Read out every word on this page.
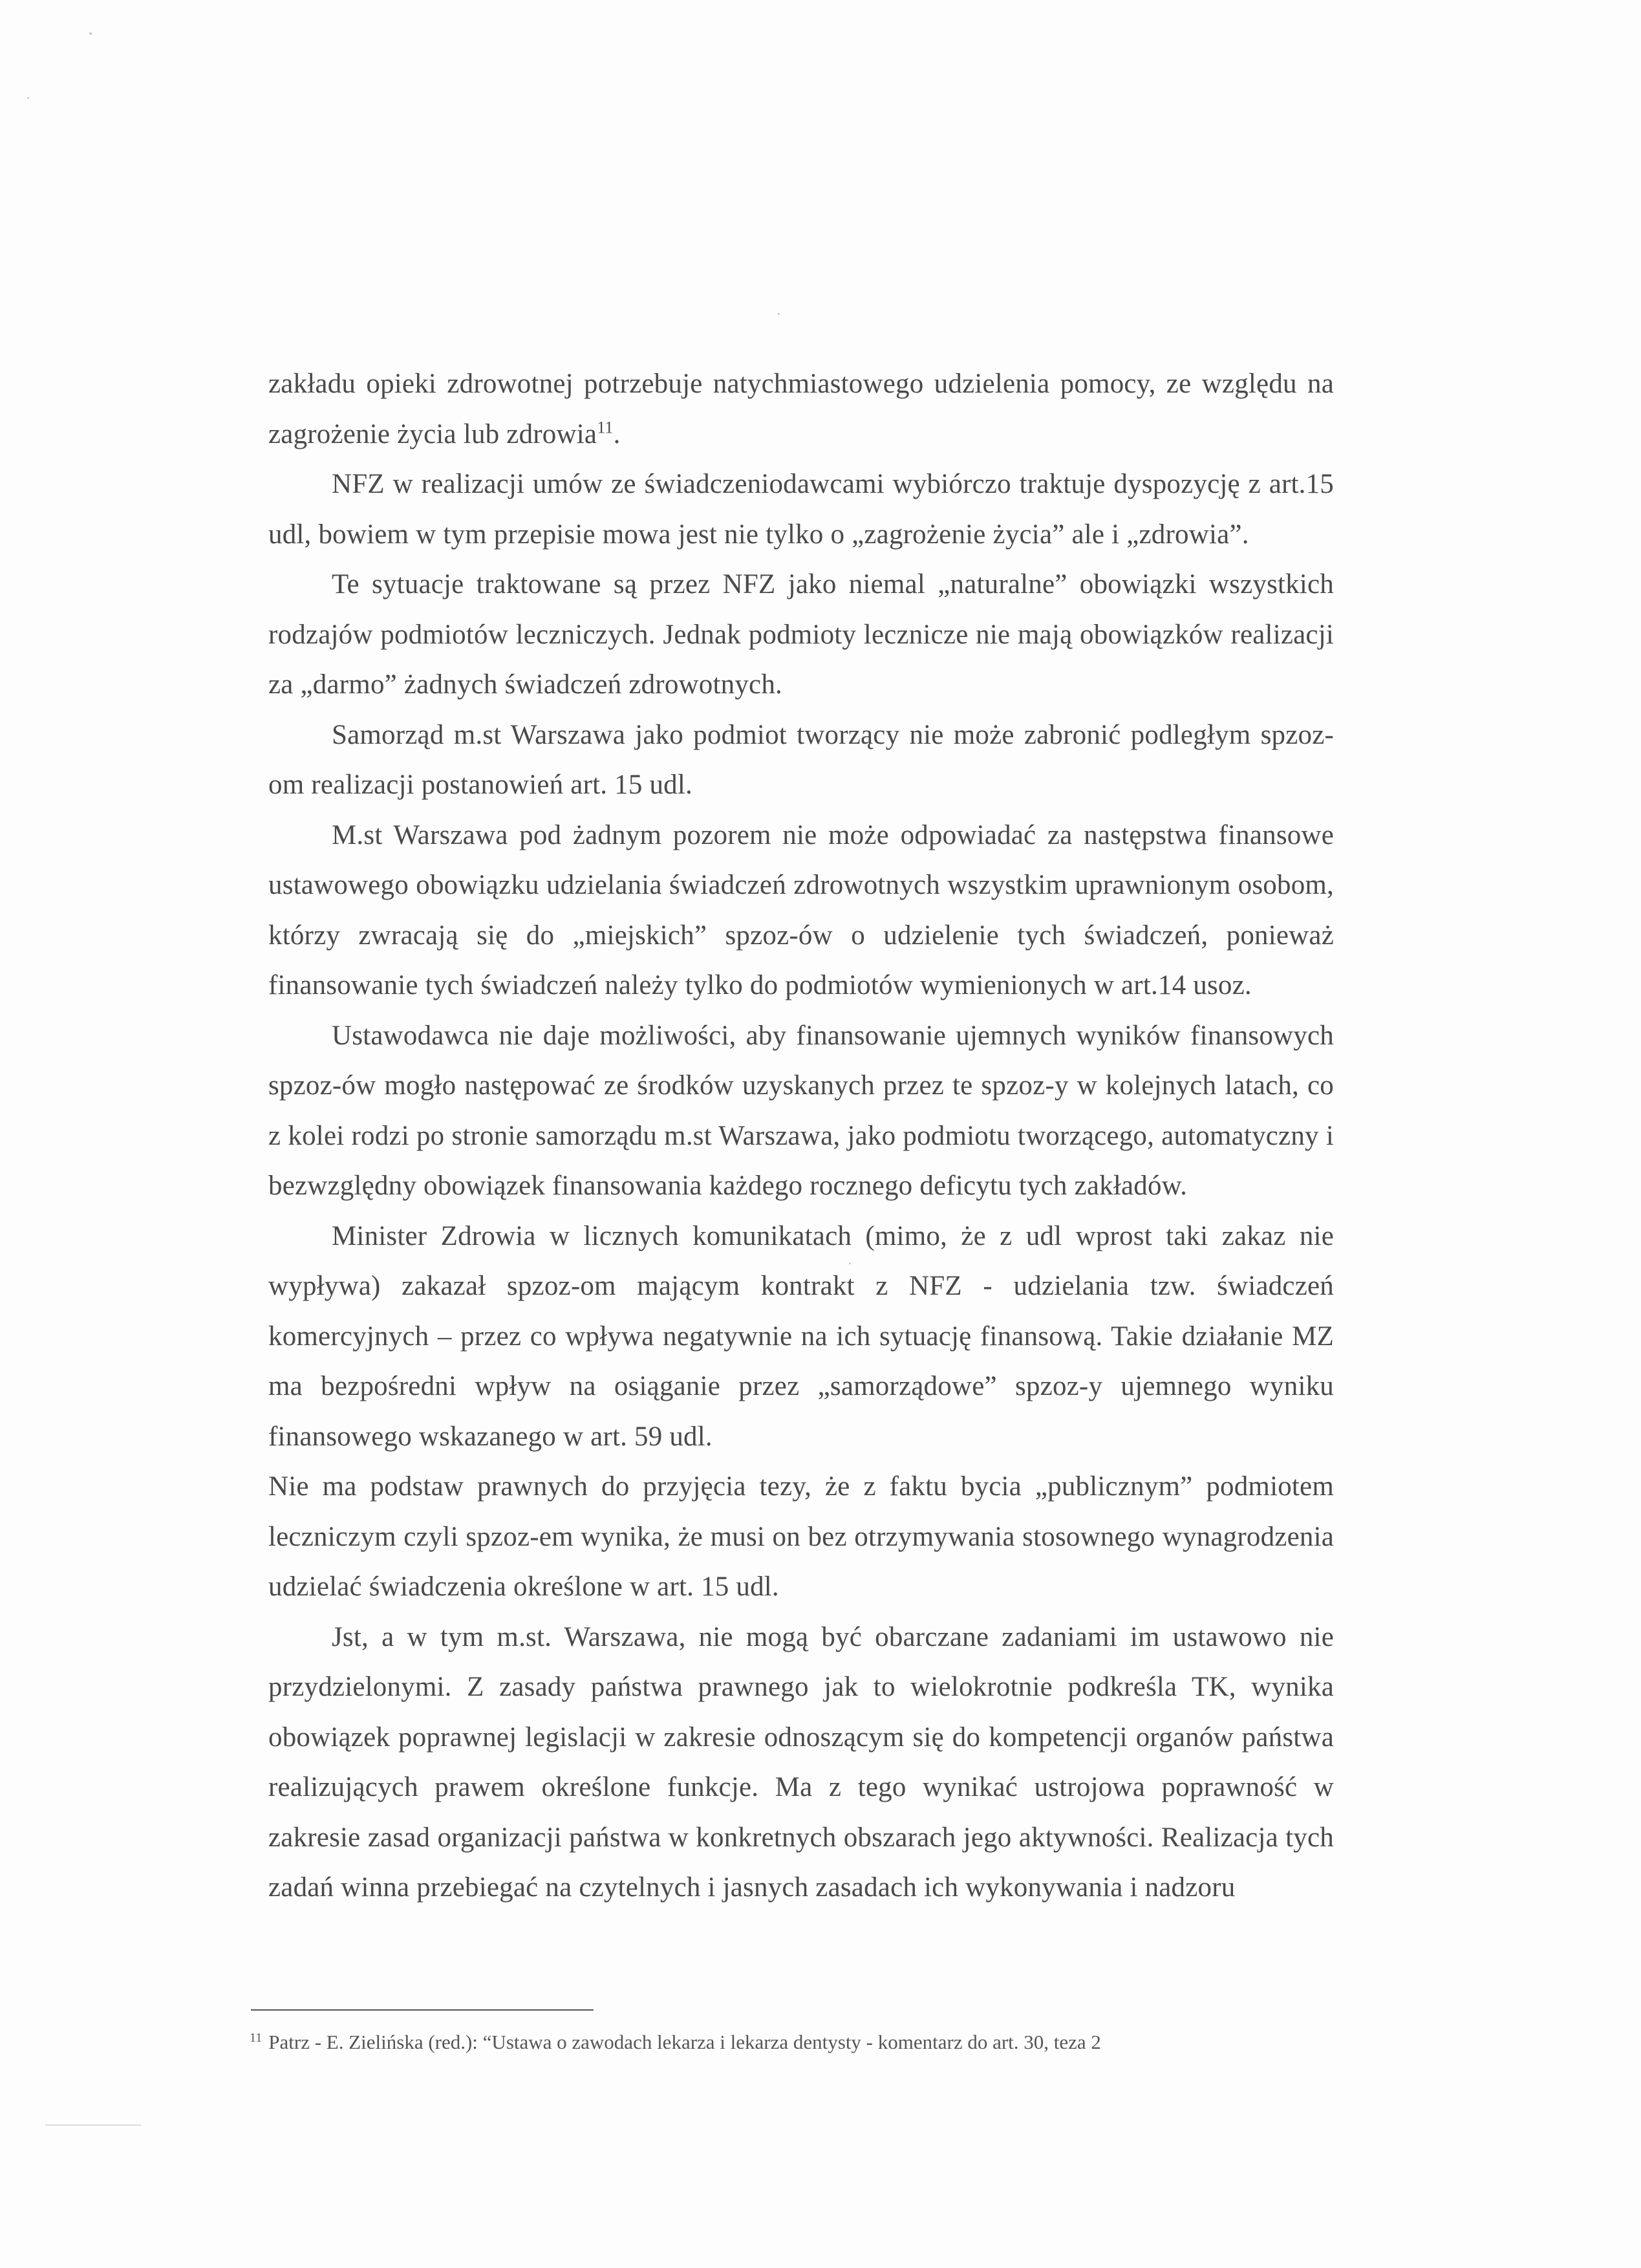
zakładu opieki zdrowotnej potrzebuje natychmiastowego udzielenia pomocy, ze względu na zagrożenie życia lub zdrowia$^{11}$.

NFZ w realizacji umów ze świadczeniodawcami wybiórczo traktuje dyspozycję z art.15 udl, bowiem w tym przepisie mowa jest nie tylko o „zagrożenie życia” ale i „zdrowia”.

Te sytuacje traktowane są przez NFZ jako niemal „naturalne” obowiązki wszystkich rodzajów podmiotów leczniczych. Jednak podmioty lecznicze nie mają obowiązków realizacji za „darmo” żadnych świadczeń zdrowotnych.

Samorząd m.st Warszawa jako podmiot tworzący nie może zabronić podległym spzoz-om realizacji postanowień art. 15 udl.

M.st Warszawa pod żadnym pozorem nie może odpowiadać za następstwa finansowe ustawowego obowiązku udzielania świadczeń zdrowotnych wszystkim uprawnionym osobom, którzy zwracają się do „miejskich” spzoz-ów o udzielenie tych świadczeń, ponieważ finansowanie tych świadczeń należy tylko do podmiotów wymienionych w art.14 usoz.

Ustawodawca nie daje możliwości, aby finansowanie ujemnych wyników finansowych spzoz-ów mogło następować ze środków uzyskanych przez te spzoz-y w kolejnych latach, co z kolei rodzi po stronie samorządu m.st Warszawa, jako podmiotu tworzącego, automatyczny i bezwzględny obowiązek finansowania każdego rocznego deficytu tych zakładów.

Minister Zdrowia w licznych komunikatach (mimo, że z udl wprost taki zakaz nie wypływa) zakazał spzoz-om mającym kontrakt z NFZ - udzielania tzw. świadczeń komercyjnych – przez co wpływa negatywnie na ich sytuację finansową. Takie działanie MZ ma bezpośredni wpływ na osiąganie przez „samorządowe” spzoz-y ujemnego wyniku finansowego wskazanego w art. 59 udl.

Nie ma podstaw prawnych do przyjęcia tezy, że z faktu bycia „publicznym” podmiotem leczniczym czyli spzoz-em wynika, że musi on bez otrzymywania stosownego wynagrodzenia udzielać świadczenia określone w art. 15 udl.

Jst, a w tym m.st. Warszawa, nie mogą być obarczane zadaniami im ustawowo nie przydzielonymi. Z zasady państwa prawnego jak to wielokrotnie podkreśla TK, wynika obowiązek poprawnej legislacji w zakresie odnoszącym się do kompetencji organów państwa realizujących prawem określone funkcje. Ma z tego wynikać ustrojowa poprawność w zakresie zasad organizacji państwa w konkretnych obszarach jego aktywności. Realizacja tych zadań winna przebiegać na czytelnych i jasnych zasadach ich wykonywania i nadzoru

$^{11}$ Patrz - E. Zielińska (red.): “Ustawa o zawodach lekarza i lekarza dentysty - komentarz do art. 30, teza 2
